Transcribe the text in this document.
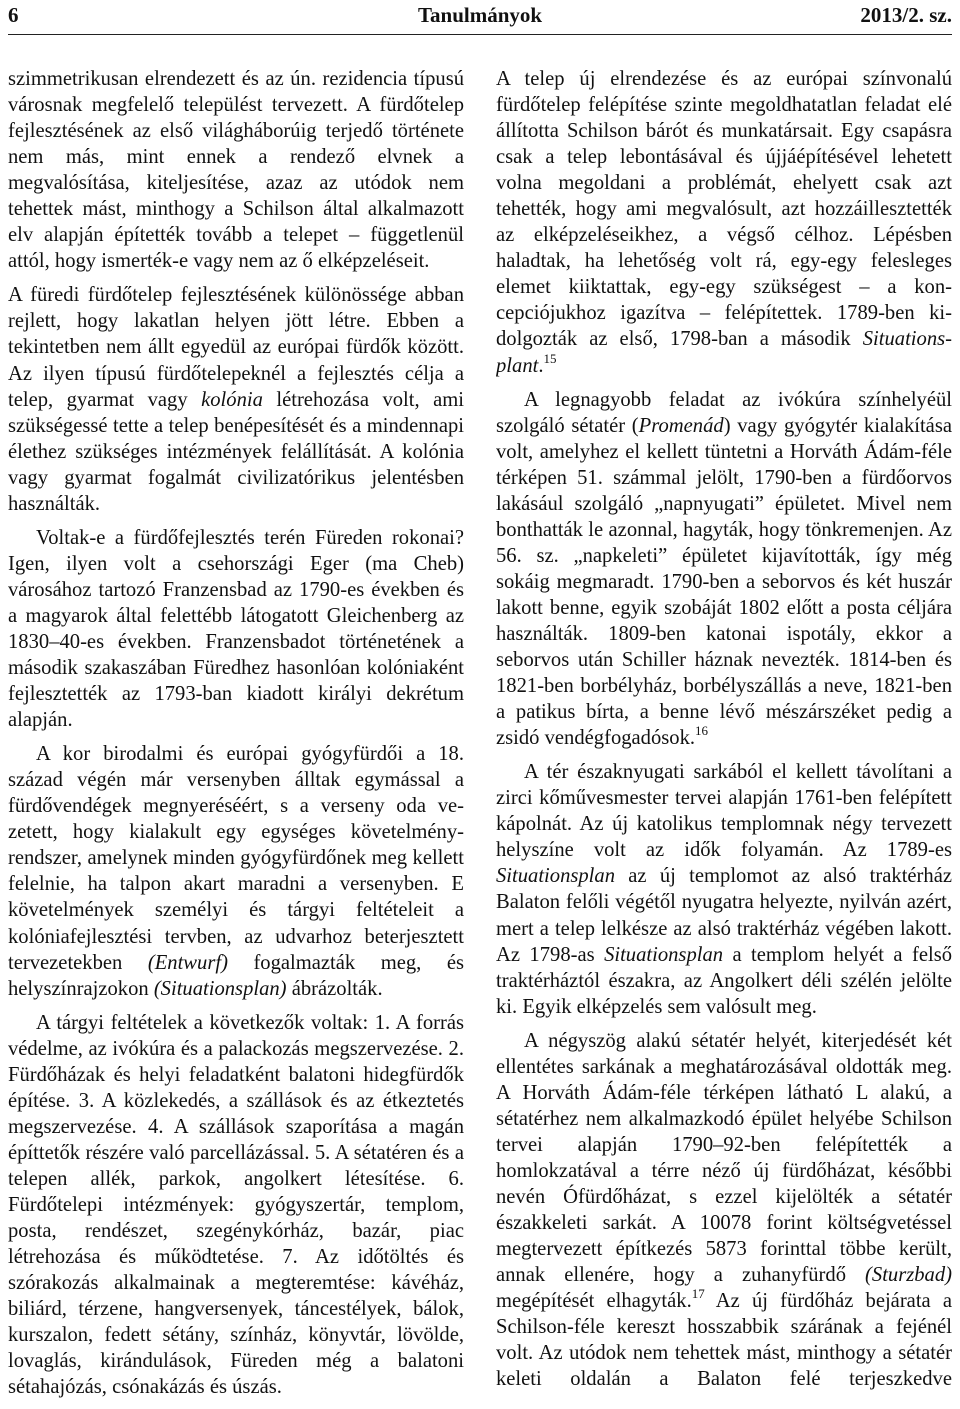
6	Tanulmányok	2013/2. sz.

szimmetrikusan elrendezett és az ún. rezidencia típusú városnak megfelelő települést tervezett. A fürdőtelep fejlesztésének az első világháborúig terjedő története nem más, mint ennek a rendező elvnek a megvalósítása, kiteljesítése, azaz az utódok nem tehettek mást, minthogy a Schilson által alkalmazott elv alapján építették tovább a telepet – függetlenül attól, hogy ismerték-e vagy nem az ő elképzeléseit.

A füredi fürdőtelep fejlesztésének különössége abban rejlett, hogy lakatlan helyen jött létre. Ebben a tekintetben nem állt egyedül az európai fürdők között. Az ilyen típusú fürdőtelepeknél a fejlesztés célja a telep, gyarmat vagy kolónia létrehozása volt, ami szükségessé tette a telep benépesítését és a mindennapi élethez szükséges intézmények felállítását. A kolónia vagy gyarmat fogalmát civilizatórikus jelentésben használták.

Voltak-e a fürdőfejlesztés terén Füreden rokonai? Igen, ilyen volt a csehországi Eger (ma Cheb) városához tartozó Franzensbad az 1790-es években és a magyarok által felettébb látogatott Gleichenberg az 1830–40-es években. Franzensbadot történetének a második szakaszában Füredhez hasonlóan kolóniaként fejlesztették az 1793-ban kiadott királyi dekrétum alapján.

A kor birodalmi és európai gyógyfürdői a 18. század végén már versenyben álltak egymással a fürdővendégek megnyeréséért, s a verseny oda vezetett, hogy kialakult egy egységes követelményrendszer, amelynek minden gyógyfürdőnek meg kellett felelnie, ha talpon akart maradni a versenyben. E követelmények személyi és tárgyi feltételeit a kolóniafejlesztési tervben, az udvarhoz beterjesztett tervezetekben (Entwurf) fogalmazták meg, és helyszínrajzokon (Situationsplan) ábrázolták.

A tárgyi feltételek a következők voltak: 1. A forrás védelme, az ivókúra és a palackozás megszervezése. 2. Fürdőházak és helyi feladatként balatoni hidegfürdők építése. 3. A közlekedés, a szállások és az étkeztetés megszervezése. 4. A szállások szaporítása a magán építtetők részére való parcellázással. 5. A sétatéren és a telepen allék, parkok, angolkert létesítése. 6. Fürdőtelepi intézmények: gyógyszertár, templom, posta, rendészet, szegénykórház, bazár, piac létrehozása és működtetése. 7. Az időtöltés és szórakozás alkalmainak a megteremtése: kávéház, biliárd, térzene, hangversenyek, táncestélyek, bálok, kurszalon, fedett sétány, színház, könyvtár, lövölde, lovaglás, kirándulások, Füreden még a balatoni sétahajózás, csónakázás és úszás.

A telep új elrendezése és az európai színvonalú fürdőtelep felépítése szinte megoldhatatlan feladat elé állította Schilson bárót és munkatársait. Egy csapásra csak a telep lebontásával és újjáépítésével lehetett volna megoldani a problémát, ehelyett csak azt tehették, hogy ami megvalósult, azt hozzáillesztették az elképzeléseikhez, a végső célhoz. Lépésben haladtak, ha lehetőség volt rá, egy-egy felesleges elemet kiiktattak, egy-egy szükségest – a koncepciójukhoz igazítva – felépítettek. 1789-ben kidolgozták az első, 1798-ban a második Situationsplant.$^{15}$

A legnagyobb feladat az ivókúra színhelyéül szolgáló sétatér (Promenád) vagy gyógytér kialakítása volt, amelyhez el kellett tüntetni a Horváth Ádám-féle térképen 51. számmal jelölt, 1790-ben a fürdőorvos lakásául szolgáló „napnyugati” épületet. Mivel nem bonthatták le azonnal, hagyták, hogy tönkremenjen. Az 56. sz. „napkeleti” épületet kijavították, így még sokáig megmaradt. 1790-ben a seborvos és két huszár lakott benne, egyik szobáját 1802 előtt a posta céljára használták. 1809-ben katonai ispotály, ekkor a seborvos után Schiller háznak nevezték. 1814-ben és 1821-ben borbélyház, borbélyszállás a neve, 1821-ben a patikus bírta, a benne lévő mészárszéket pedig a zsidó vendégfogadósok.$^{16}$

A tér északnyugati sarkából el kellett távolítani a zirci kőművesmester tervei alapján 1761-ben felépített kápolnát. Az új katolikus templomnak négy tervezett helyszíne volt az idők folyamán. Az 1789-es Situationsplan az új templomot az alsó traktérház Balaton felőli végétől nyugatra helyezte, nyilván azért, mert a telep lelkésze az alsó traktérház végében lakott. Az 1798-as Situationsplan a templom helyét a felső traktérháztól északra, az Angolkert déli szélén jelölte ki. Egyik elképzelés sem valósult meg.

A négyszög alakú sétatér helyét, kiterjedését két ellentétes sarkának a meghatározásával oldották meg. A Horváth Ádám-féle térképen látható L alakú, a sétatérhez nem alkalmazkodó épület helyébe Schilson tervei alapján 1790–92-ben felépítették a homlokzatával a térre néző új fürdőházat, későbbi nevén Ófürdőházat, s ezzel kijelölték a sétatér északkeleti sarkát. A 10078 forint költségvetéssel megtervezett építkezés 5873 forinttal többe került, annak ellenére, hogy a zuhanyfürdő (Sturzbad) megépítését elhagyták.$^{17}$ Az új fürdőház bejárata a Schilson-féle kereszt hosszabbik szárának a fejénél volt. Az utódok nem tehettek mást, minthogy a sétatér keleti oldalán a Balaton felé terjeszkedve
